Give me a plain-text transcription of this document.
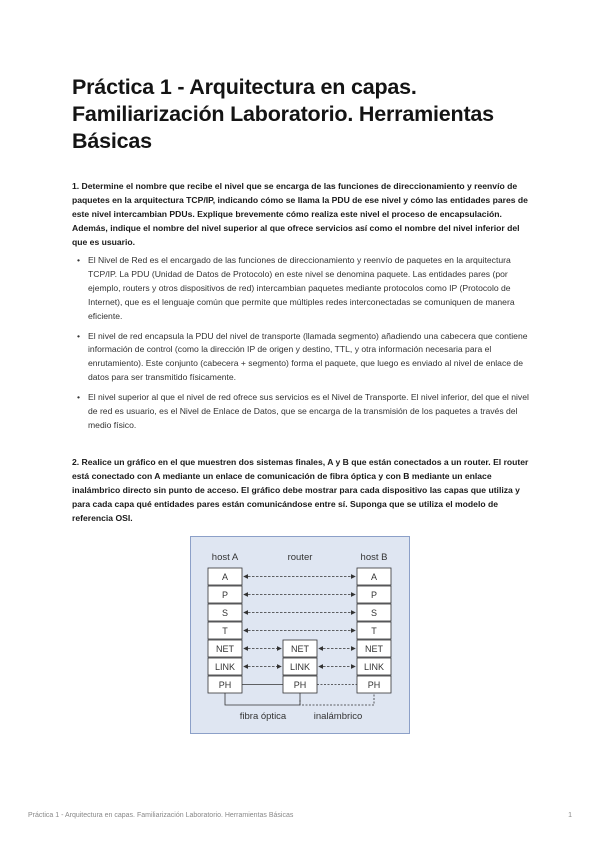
Práctica 1 - Arquitectura en capas. Familiarización Laboratorio. Herramientas Básicas

1. Determine el nombre que recibe el nivel que se encarga de las funciones de direccionamiento y reenvío de paquetes en la arquitectura TCP/IP, indicando cómo se llama la PDU de ese nivel y cómo las entidades pares de este nivel intercambian PDUs. Explique brevemente cómo realiza este nivel el proceso de encapsulación. Además, indique el nombre del nivel superior al que ofrece servicios así como el nombre del nivel inferior del que es usuario.

• El Nivel de Red es el encargado de las funciones de direccionamiento y reenvío de paquetes en la arquitectura TCP/IP. La PDU (Unidad de Datos de Protocolo) en este nivel se denomina paquete. Las entidades pares (por ejemplo, routers y otros dispositivos de red) intercambian paquetes mediante protocolos como IP (Protocolo de Internet), que es el lenguaje común que permite que múltiples redes interconectadas se comuniquen de manera eficiente.
• El nivel de red encapsula la PDU del nivel de transporte (llamada segmento) añadiendo una cabecera que contiene información de control (como la dirección IP de origen y destino, TTL, y otra información necesaria para el enrutamiento). Este conjunto (cabecera + segmento) forma el paquete, que luego es enviado al nivel de enlace de datos para ser transmitido físicamente.
• El nivel superior al que el nivel de red ofrece sus servicios es el Nivel de Transporte. El nivel inferior, del que el nivel de red es usuario, es el Nivel de Enlace de Datos, que se encarga de la transmisión de los paquetes a través del medio físico.

2. Realice un gráfico en el que muestren dos sistemas finales, A y B que están conectados a un router. El router está conectado con A mediante un enlace de comunicación de fibra óptica y con B mediante un enlace inalámbrico directo sin punto de acceso. El gráfico debe mostrar para cada dispositivo las capas que utiliza y para cada capa qué entidades pares están comunicándose entre sí. Suponga que se utiliza el modelo de referencia OSI.

host A	router	host B
A
P
S
T
NET
LINK
PH
A
P
S
T
NET
LINK
PH
NET
LINK
PH
fibra óptica	inalámbrico
Práctica 1 - Arquitectura en capas. Familiarización Laboratorio. Herramientas Básicas	1
